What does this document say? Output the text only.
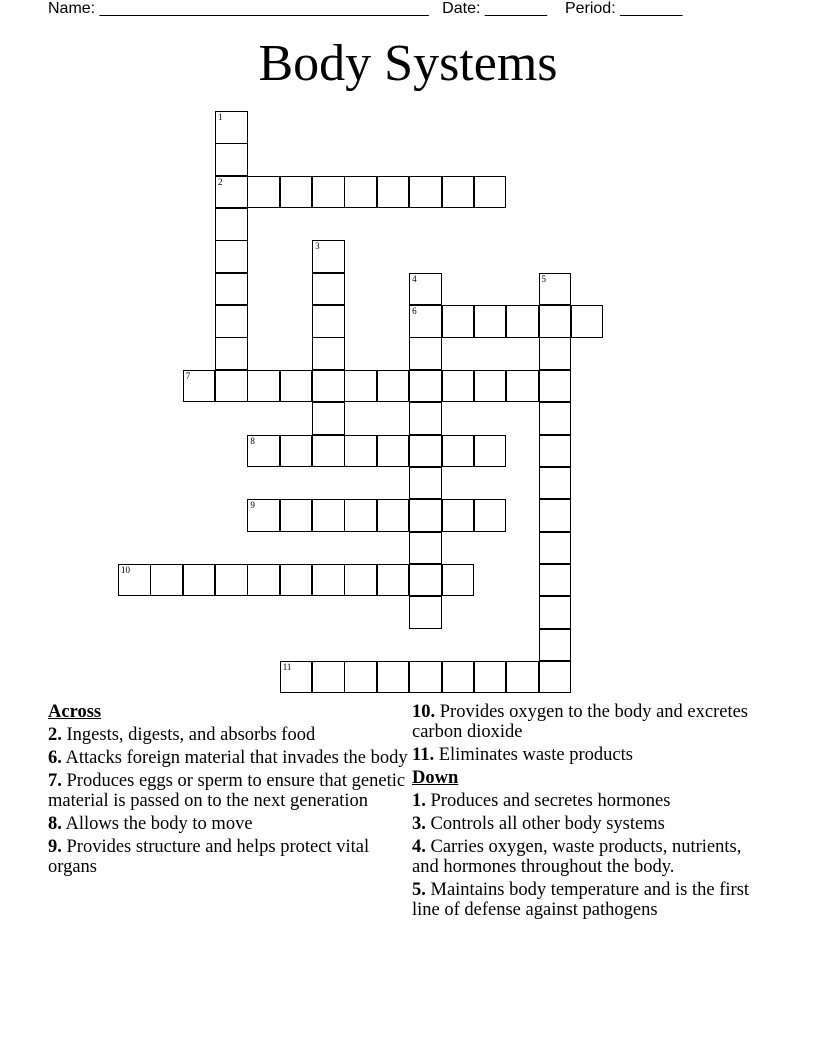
Name: _____________________________________ Date: _______ Period: _______
Body Systems
1
2
3
4
6
5
7
8
9
10
11
Across
2. Ingests, digests, and absorbs food
6. Attacks foreign material that invades the body
7. Produces eggs or sperm to ensure that genetic material is passed on to the next generation
8. Allows the body to move
9. Provides structure and helps protect vital organs
10. Provides oxygen to the body and excretes carbon dioxide
11. Eliminates waste products
Down
1. Produces and secretes hormones
3. Controls all other body systems
4. Carries oxygen, waste products, nutrients, and hormones throughout the body.
5. Maintains body temperature and is the first line of defense against pathogens
